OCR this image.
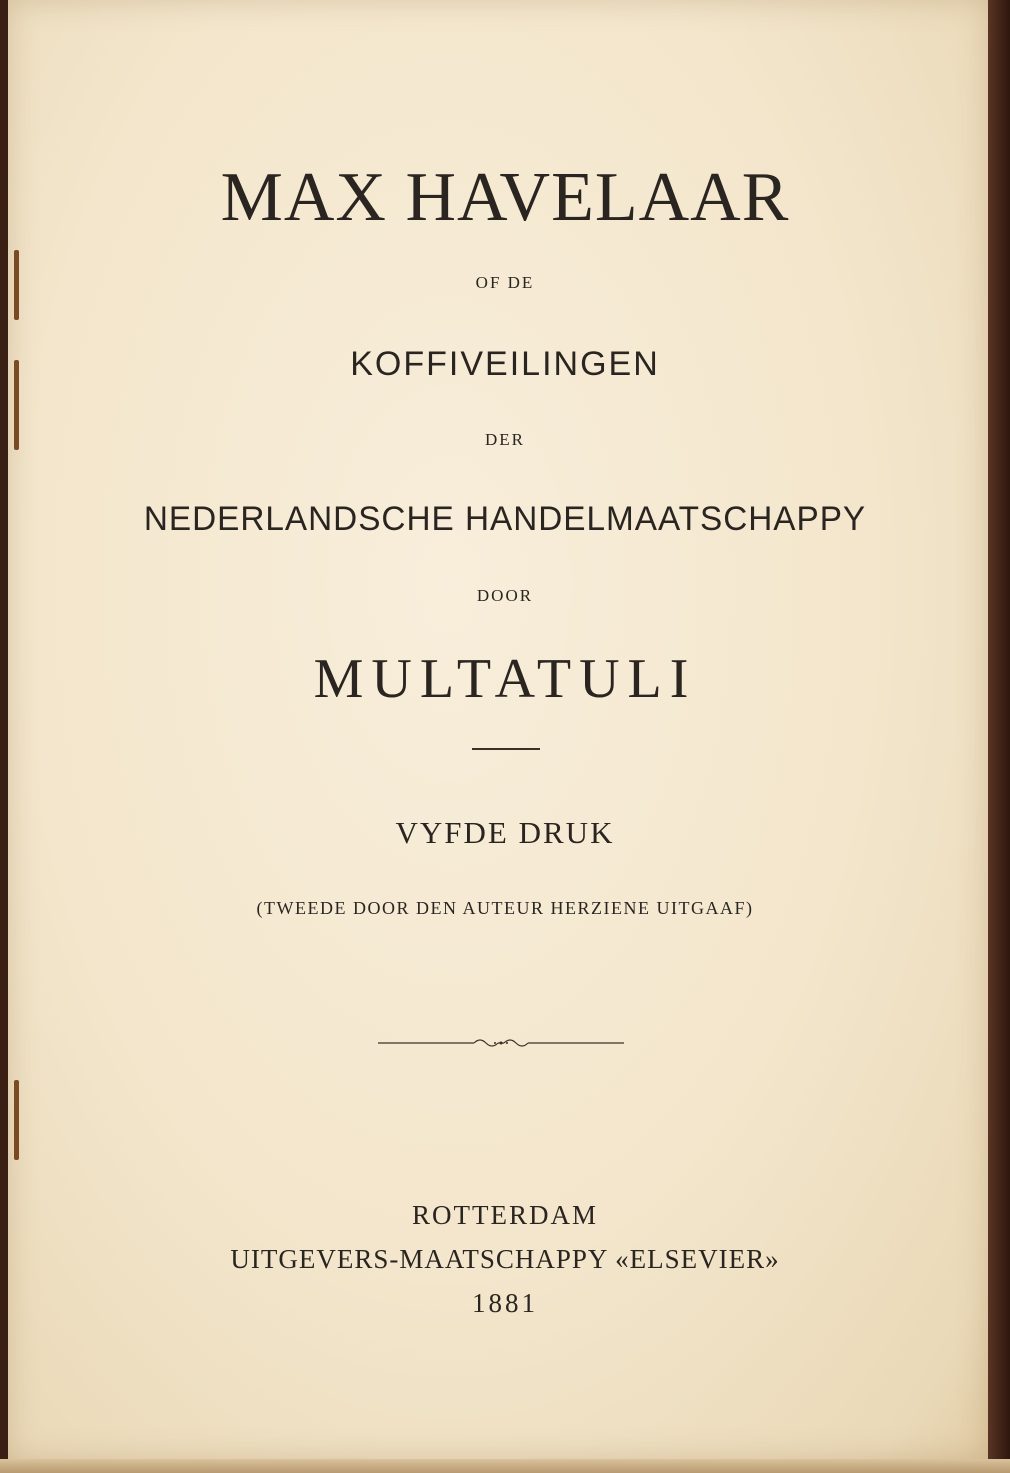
MAX HAVELAAR
OF DE
KOFFIVEILINGEN
DER
NEDERLANDSCHE HANDELMAATSCHAPPY
DOOR
MULTATULI
VYFDE DRUK
(TWEEDE DOOR DEN AUTEUR HERZIENE UITGAAF)
ROTTERDAM
UITGEVERS-MAATSCHAPPY «ELSEVIER»
1881
